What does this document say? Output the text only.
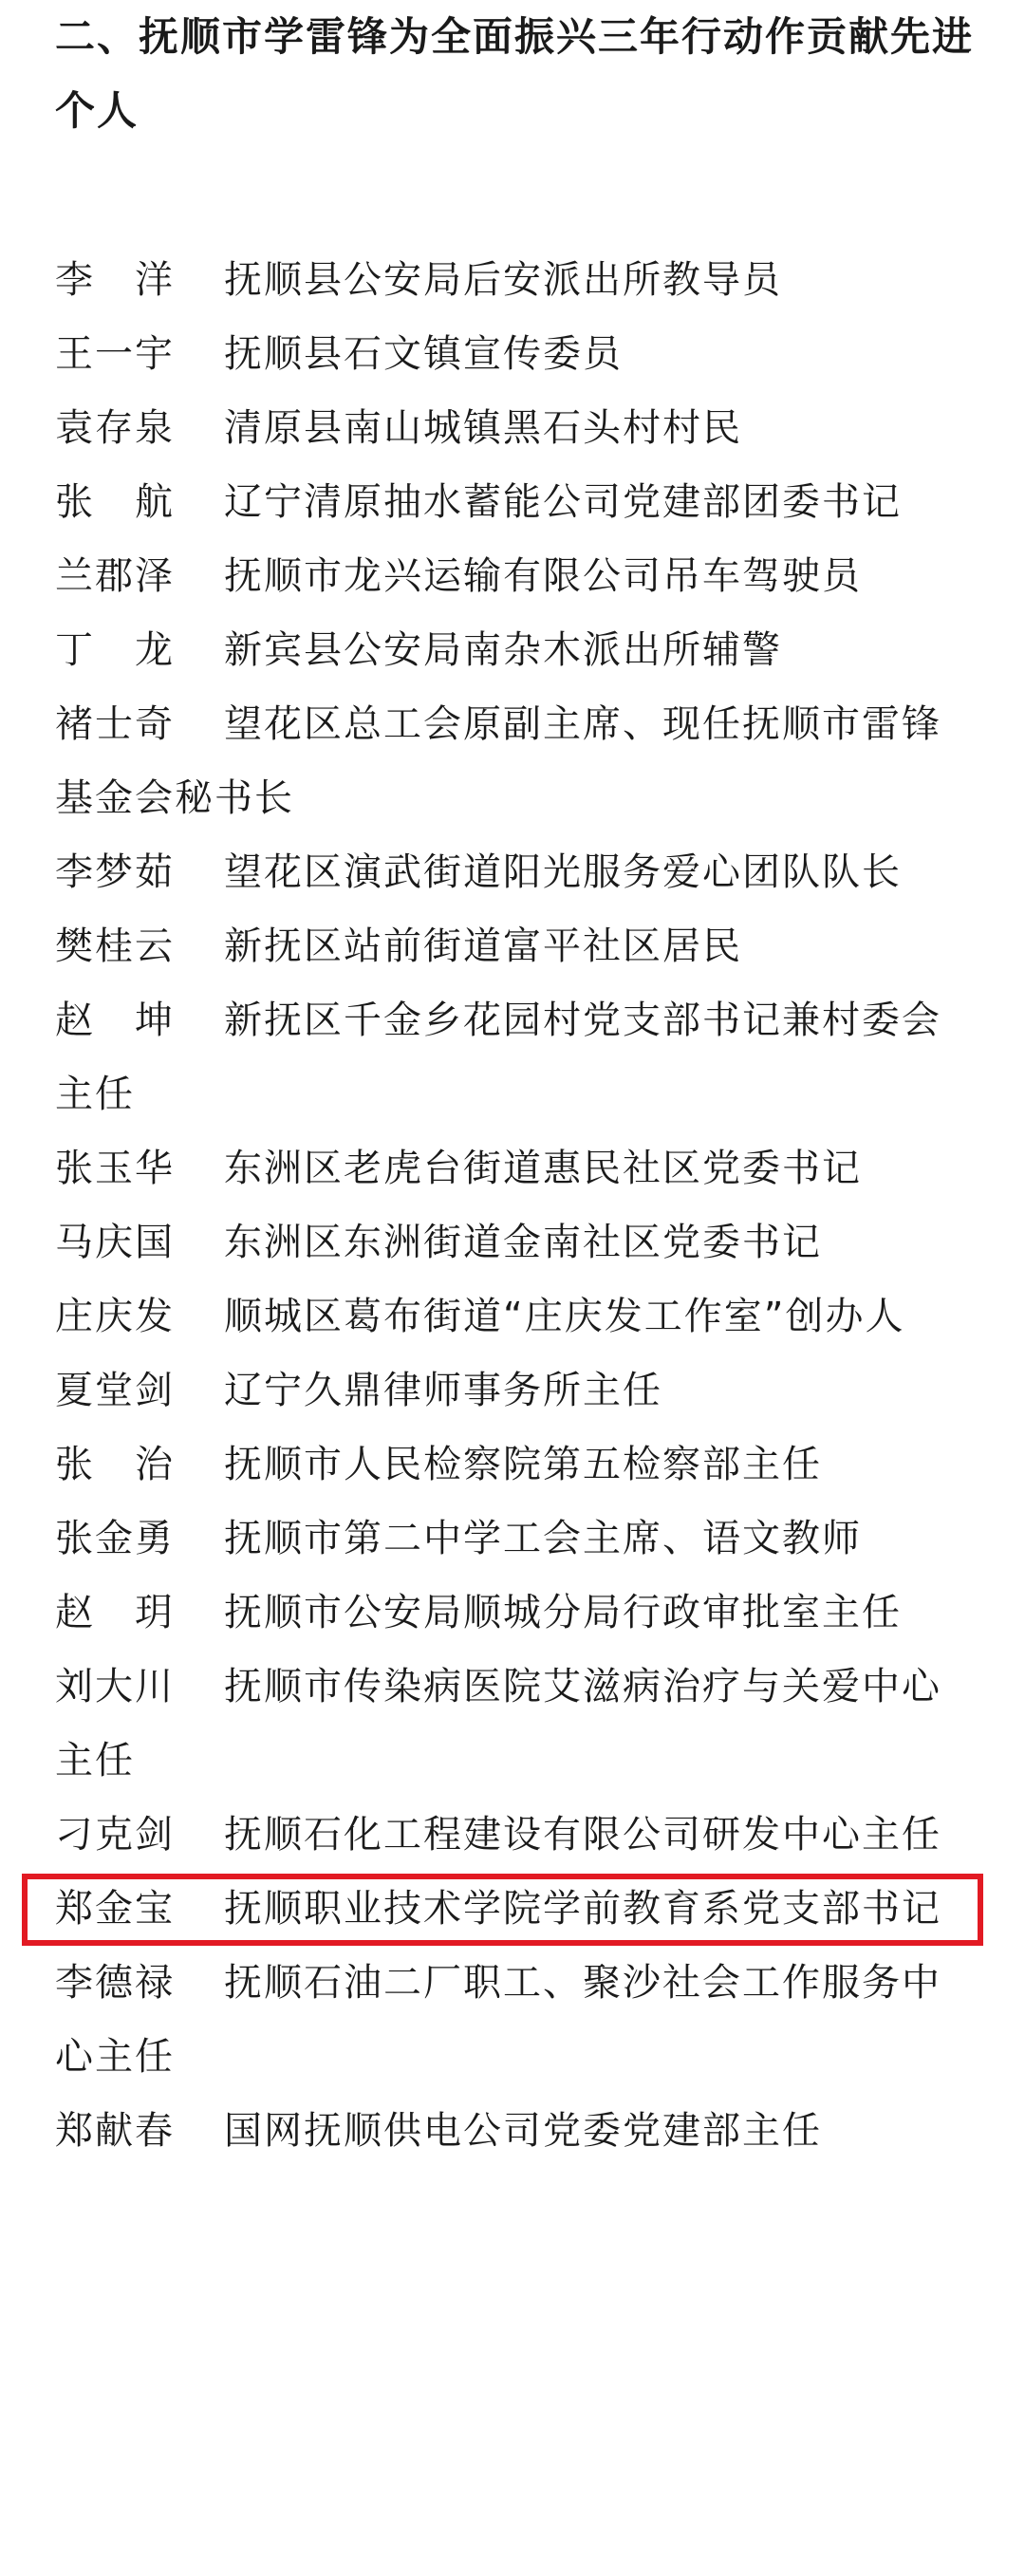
二、抚顺市学雷锋为全面振兴三年行动作贡献先进个人
李　洋 抚顺县公安局后安派出所教导员
王一宇 抚顺县石文镇宣传委员
袁存泉 清原县南山城镇黑石头村村民
张　航 辽宁清原抽水蓄能公司党建部团委书记
兰郡泽 抚顺市龙兴运输有限公司吊车驾驶员
丁　龙 新宾县公安局南杂木派出所辅警
褚士奇 望花区总工会原副主席、现任抚顺市雷锋基金会秘书长
李梦茹 望花区演武街道阳光服务爱心团队队长
樊桂云 新抚区站前街道富平社区居民
赵　坤 新抚区千金乡花园村党支部书记兼村委会主任
张玉华 东洲区老虎台街道惠民社区党委书记
马庆国 东洲区东洲街道金南社区党委书记
庄庆发 顺城区葛布街道“庄庆发工作室”创办人
夏堂剑 辽宁久鼎律师事务所主任
张　治 抚顺市人民检察院第五检察部主任
张金勇 抚顺市第二中学工会主席、语文教师
赵　玥 抚顺市公安局顺城分局行政审批室主任
刘大川 抚顺市传染病医院艾滋病治疗与关爱中心主任
刁克剑 抚顺石化工程建设有限公司研发中心主任
郑金宝 抚顺职业技术学院学前教育系党支部书记
李德禄 抚顺石油二厂职工、聚沙社会工作服务中心主任
郑献春 国网抚顺供电公司党委党建部主任
